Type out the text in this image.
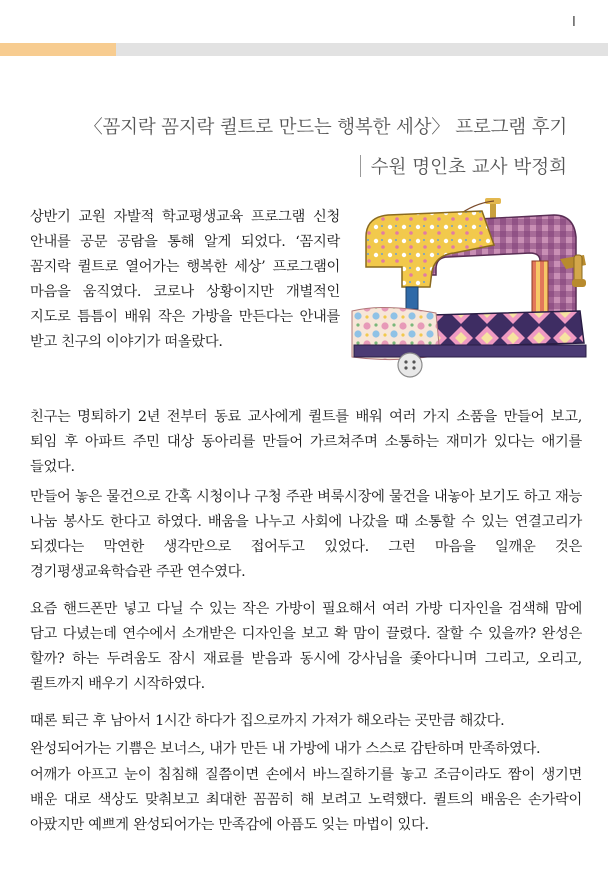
I
〈꼼지락 꼼지락 퀼트로 만드는 행복한 세상〉 프로그램 후기
수원 명인초 교사 박정희

상반기 교원 자발적 학교평생교육 프로그램 신청 안내를 공문 공람을 통해 알게 되었다. ‘꼼지락 꼼지락 퀼트로 열어가는 행복한 세상’ 프로그램이 마음을 움직였다. 코로나 상황이지만 개별적인 지도로 틈틈이 배워 작은 가방을 만든다는 안내를 받고 친구의 이야기가 떠올랐다.

친구는 명퇴하기 2년 전부터 동료 교사에게 퀼트를 배워 여러 가지 소품을 만들어 보고, 퇴임 후 아파트 주민 대상 동아리를 만들어 가르쳐주며 소통하는 재미가 있다는 애기를 들었다.

만들어 놓은 물건으로 간혹 시청이나 구청 주관 벼룩시장에 물건을 내놓아 보기도 하고 재능 나눔 봉사도 한다고 하였다. 배움을 나누고 사회에 나갔을 때 소통할 수 있는 연결고리가 되겠다는 막연한 생각만으로 접어두고 있었다. 그런 마음을 일깨운 것은 경기평생교육학습관 주관 연수였다.

요즘 핸드폰만 넣고 다닐 수 있는 작은 가방이 필요해서 여러 가방 디자인을 검색해 맘에 담고 다녔는데 연수에서 소개받은 디자인을 보고 확 맘이 끌렸다. 잘할 수 있을까? 완성은 할까? 하는 두려움도 잠시 재료를 받음과 동시에 강사님을 좇아다니며 그리고, 오리고, 퀼트까지 배우기 시작하였다.

때론 퇴근 후 남아서 1시간 하다가 집으로까지 가져가 해오라는 곳만큼 해갔다.

완성되어가는 기쁨은 보너스, 내가 만든 내 가방에 내가 스스로 감탄하며 만족하였다.

어깨가 아프고 눈이 침침해 질쯤이면 손에서 바느질하기를 놓고 조금이라도 짬이 생기면 배운 대로 색상도 맞춰보고 최대한 꼼꼼히 해 보려고 노력했다. 퀼트의 배움은 손가락이 아팠지만 예쁘게 완성되어가는 만족감에 아픔도 잊는 마법이 있다.
